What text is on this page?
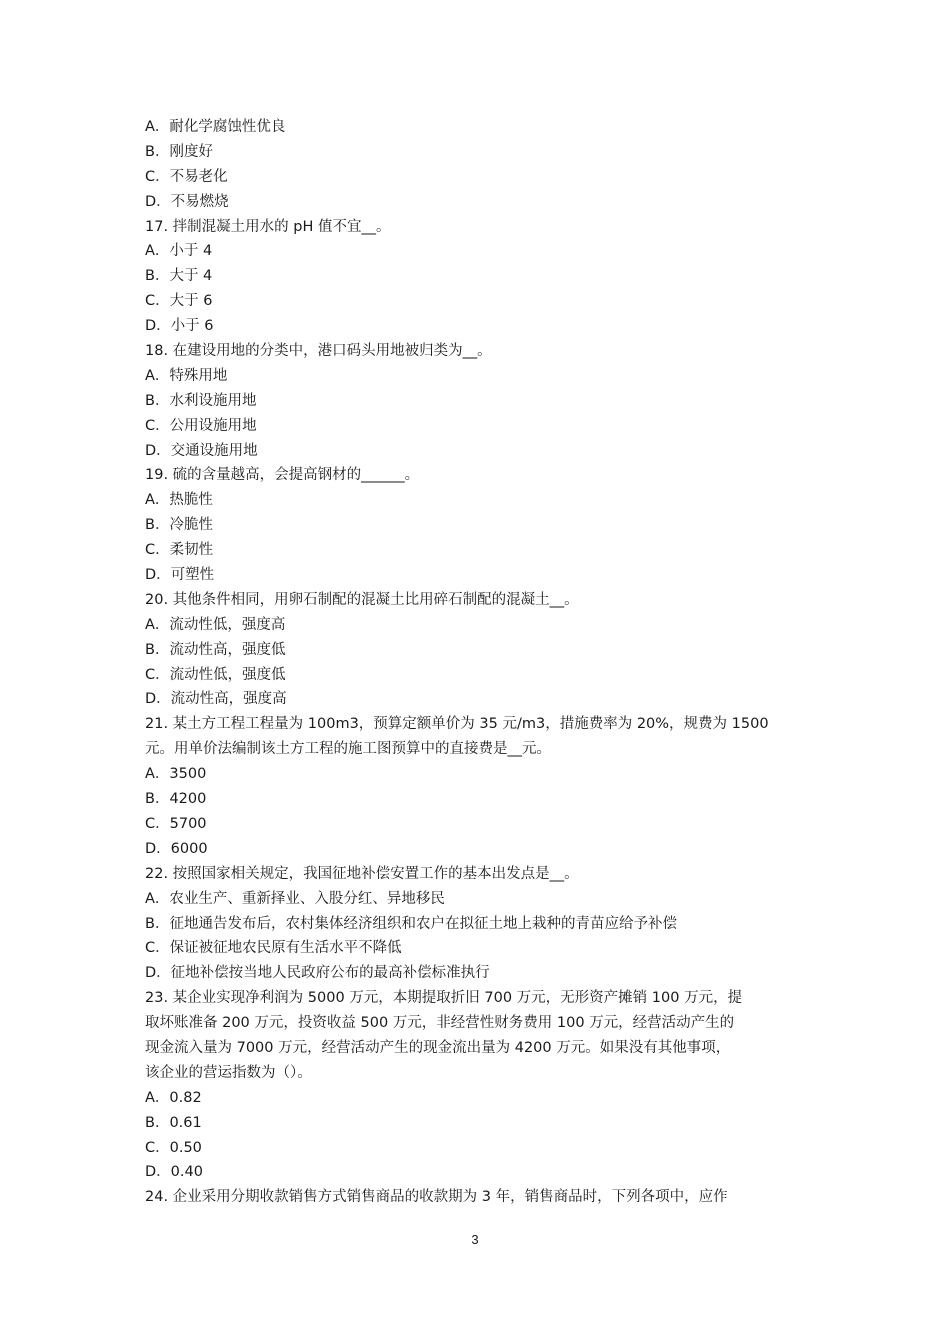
A．耐化学腐蚀性优良
B．刚度好
C．不易老化
D．不易燃烧
17. 拌制混凝土用水的 pH 值不宜__。
A．小于 4
B．大于 4
C．大于 6
D．小于 6
18. 在建设用地的分类中，港口码头用地被归类为__。
A．特殊用地
B．水利设施用地
C．公用设施用地
D．交通设施用地
19. 硫的含量越高，会提高钢材的______。
A．热脆性
B．冷脆性
C．柔韧性
D．可塑性
20. 其他条件相同，用卵石制配的混凝土比用碎石制配的混凝土__。
A．流动性低，强度高
B．流动性高，强度低
C．流动性低，强度低
D．流动性高，强度高
21. 某土方工程工程量为 100m3，预算定额单价为 35 元/m3，措施费率为 20%，规费为 1500
元。用单价法编制该土方工程的施工图预算中的直接费是__元。
A．3500
B．4200
C．5700
D．6000
22. 按照国家相关规定，我国征地补偿安置工作的基本出发点是__。
A．农业生产、重新择业、入股分红、异地移民
B．征地通告发布后，农村集体经济组织和农户在拟征土地上栽种的青苗应给予补偿
C．保证被征地农民原有生活水平不降低
D．征地补偿按当地人民政府公布的最高补偿标准执行
23. 某企业实现净利润为 5000 万元，本期提取折旧 700 万元，无形资产摊销 100 万元，提
取坏账准备 200 万元，投资收益 500 万元，非经营性财务费用 100 万元，经营活动产生的
现金流入量为 7000 万元，经营活动产生的现金流出量为 4200 万元。如果没有其他事项，
该企业的营运指数为（）。
A．0.82
B．0.61
C．0.50
D．0.40
24. 企业采用分期收款销售方式销售商品的收款期为 3 年，销售商品时，下列各项中，应作
3
